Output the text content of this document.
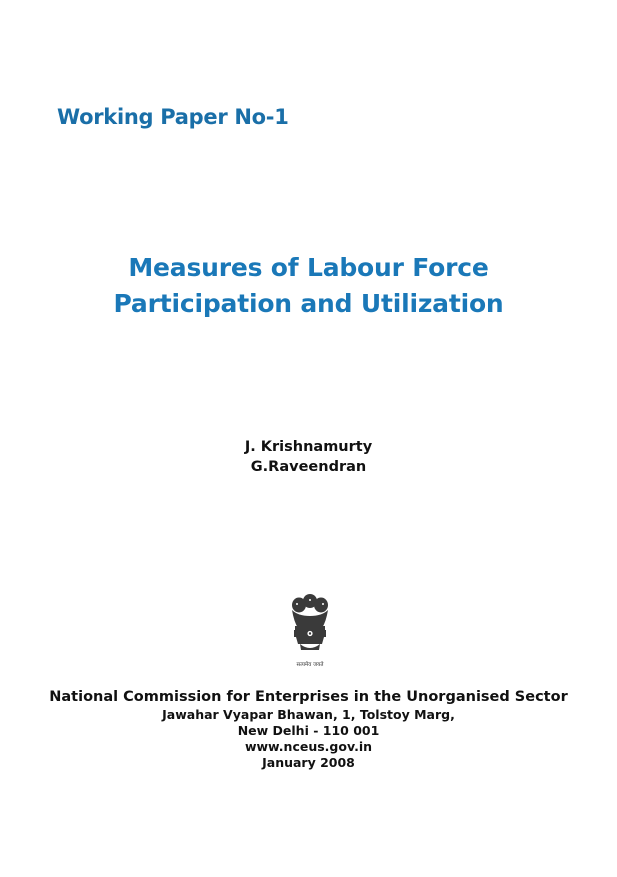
Working Paper No-1
Measures of Labour Force
Participation and Utilization
J. Krishnamurty
G.Raveendran
सत्यमेव जयते
National Commission for Enterprises in the Unorganised Sector
Jawahar Vyapar Bhawan, 1, Tolstoy Marg,
New Delhi - 110 001
www.nceus.gov.in
January 2008
